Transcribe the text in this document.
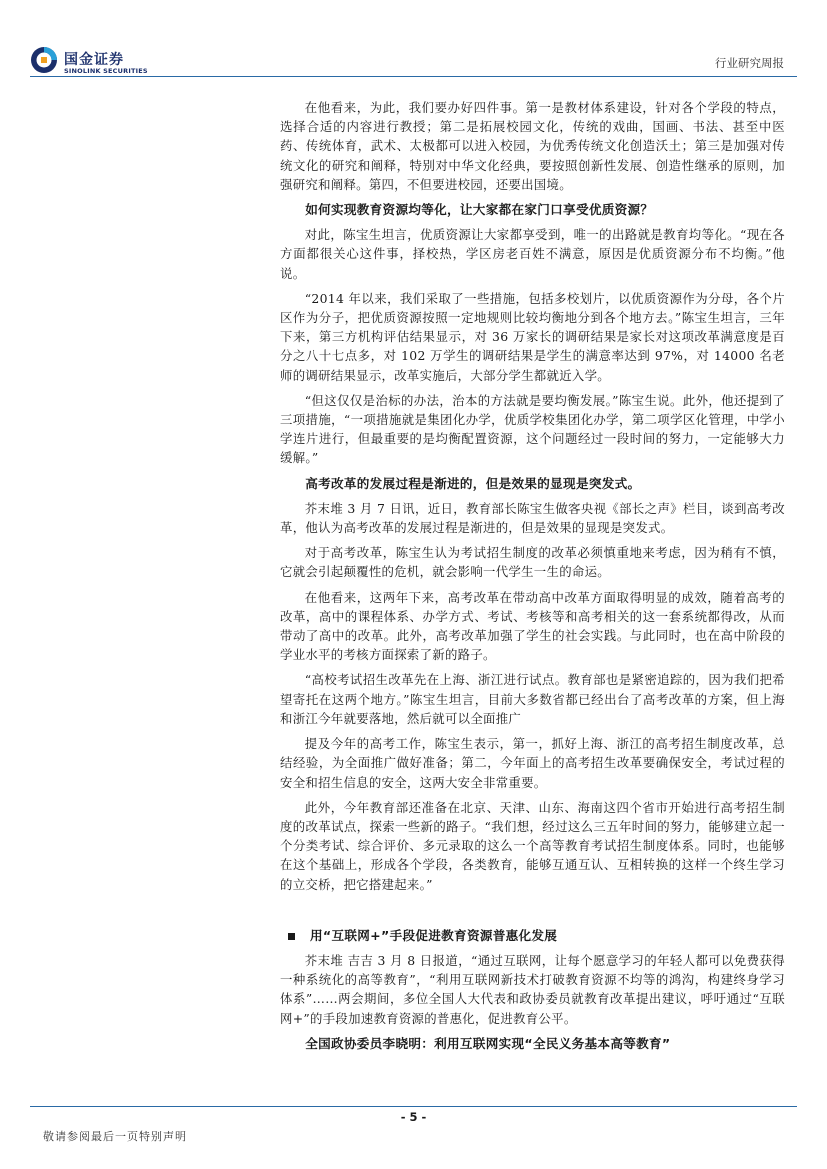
国金证券
SINOLINK SECURITIES
行业研究周报

在他看来，为此，我们要办好四件事。第一是教材体系建设，针对各个学段的特点，选择合适的内容进行教授；第二是拓展校园文化，传统的戏曲，国画、书法、甚至中医药、传统体育，武术、太极都可以进入校园，为优秀传统文化创造沃土；第三是加强对传统文化的研究和阐释，特别对中华文化经典，要按照创新性发展、创造性继承的原则，加强研究和阐释。第四，不但要进校园，还要出国境。

如何实现教育资源均等化，让大家都在家门口享受优质资源？

对此，陈宝生坦言，优质资源让大家都享受到，唯一的出路就是教育均等化。“现在各方面都很关心这件事，择校热，学区房老百姓不满意，原因是优质资源分布不均衡。”他说。

“2014 年以来，我们采取了一些措施，包括多校划片，以优质资源作为分母，各个片区作为分子，把优质资源按照一定地规则比较均衡地分到各个地方去。”陈宝生坦言，三年下来，第三方机构评估结果显示，对 36 万家长的调研结果是家长对这项改革满意度是百分之八十七点多，对 102 万学生的调研结果是学生的满意率达到 97%，对 14000 名老师的调研结果显示，改革实施后，大部分学生都就近入学。

“但这仅仅是治标的办法，治本的方法就是要均衡发展。”陈宝生说。此外，他还提到了三项措施，“一项措施就是集团化办学，优质学校集团化办学，第二项学区化管理，中学小学连片进行，但最重要的是均衡配置资源，这个问题经过一段时间的努力，一定能够大力缓解。”

高考改革的发展过程是渐进的，但是效果的显现是突发式。

芥末堆 3 月 7 日讯，近日，教育部长陈宝生做客央视《部长之声》栏目，谈到高考改革，他认为高考改革的发展过程是渐进的，但是效果的显现是突发式。

对于高考改革，陈宝生认为考试招生制度的改革必须慎重地来考虑，因为稍有不慎，它就会引起颠覆性的危机，就会影响一代学生一生的命运。

在他看来，这两年下来，高考改革在带动高中改革方面取得明显的成效，随着高考的改革，高中的课程体系、办学方式、考试、考核等和高考相关的这一套系统都得改，从而带动了高中的改革。此外，高考改革加强了学生的社会实践。与此同时，也在高中阶段的学业水平的考核方面探索了新的路子。

“高校考试招生改革先在上海、浙江进行试点。教育部也是紧密追踪的，因为我们把希望寄托在这两个地方。”陈宝生坦言，目前大多数省都已经出台了高考改革的方案，但上海和浙江今年就要落地，然后就可以全面推广

提及今年的高考工作，陈宝生表示，第一，抓好上海、浙江的高考招生制度改革，总结经验，为全面推广做好准备；第二，今年面上的高考招生改革要确保安全，考试过程的安全和招生信息的安全，这两大安全非常重要。

此外，今年教育部还准备在北京、天津、山东、海南这四个省市开始进行高考招生制度的改革试点，探索一些新的路子。“我们想，经过这么三五年时间的努力，能够建立起一个分类考试、综合评价、多元录取的这么一个高等教育考试招生制度体系。同时，也能够在这个基础上，形成各个学段，各类教育，能够互通互认、互相转换的这样一个终生学习的立交桥，把它搭建起来。”

用“互联网+”手段促进教育资源普惠化发展

芥末堆 吉吉 3 月 8 日报道，“通过互联网，让每个愿意学习的年轻人都可以免费获得一种系统化的高等教育”，“利用互联网新技术打破教育资源不均等的鸿沟，构建终身学习体系”……两会期间，多位全国人大代表和政协委员就教育改革提出建议，呼吁通过“互联网+”的手段加速教育资源的普惠化，促进教育公平。

全国政协委员李晓明：利用互联网实现“全民义务基本高等教育”
- 5 -
敬请参阅最后一页特别声明
